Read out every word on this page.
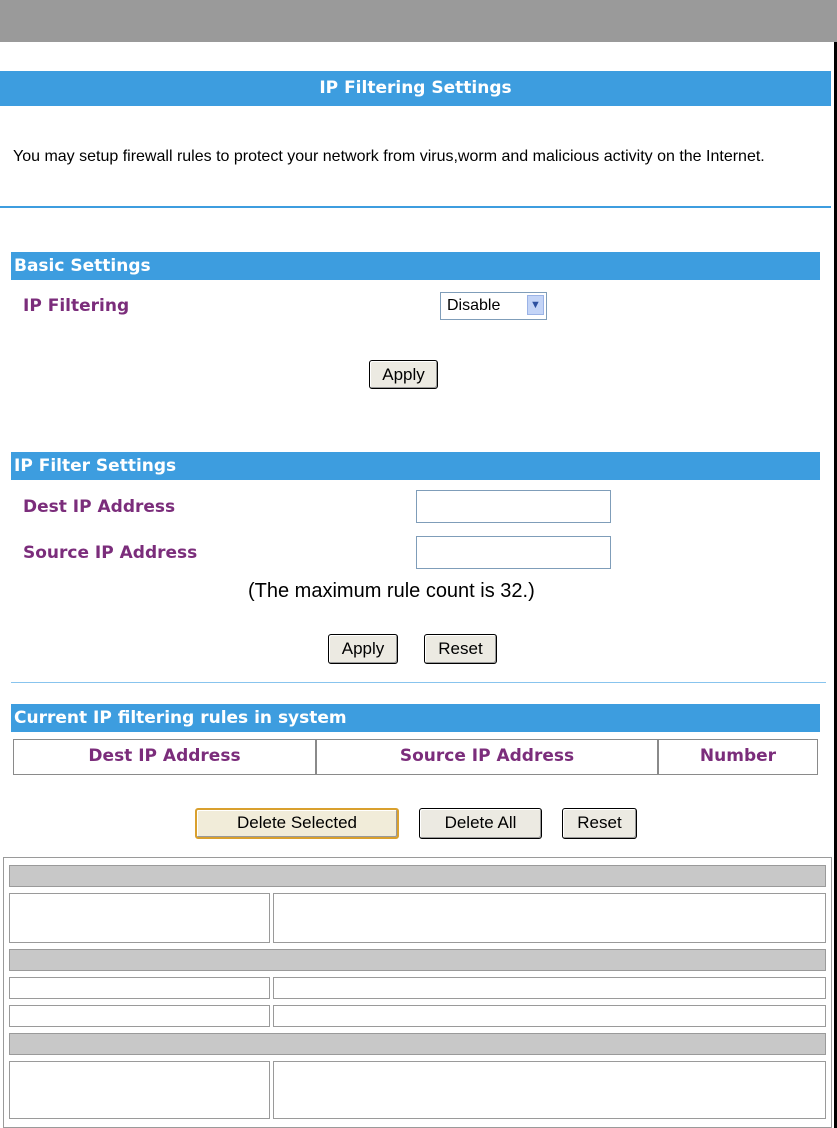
IP Filtering Settings
You may setup firewall rules to protect your network from virus,worm and malicious activity on the Internet.
Basic Settings
IP Filtering	Disable	▼
Apply
IP Filter Settings
Dest IP Address
Source IP Address
(The maximum rule count is 32.)
Apply	Reset
Current IP filtering rules in system
Dest IP Address	Source IP Address	Number
Delete Selected	Delete All	Reset
